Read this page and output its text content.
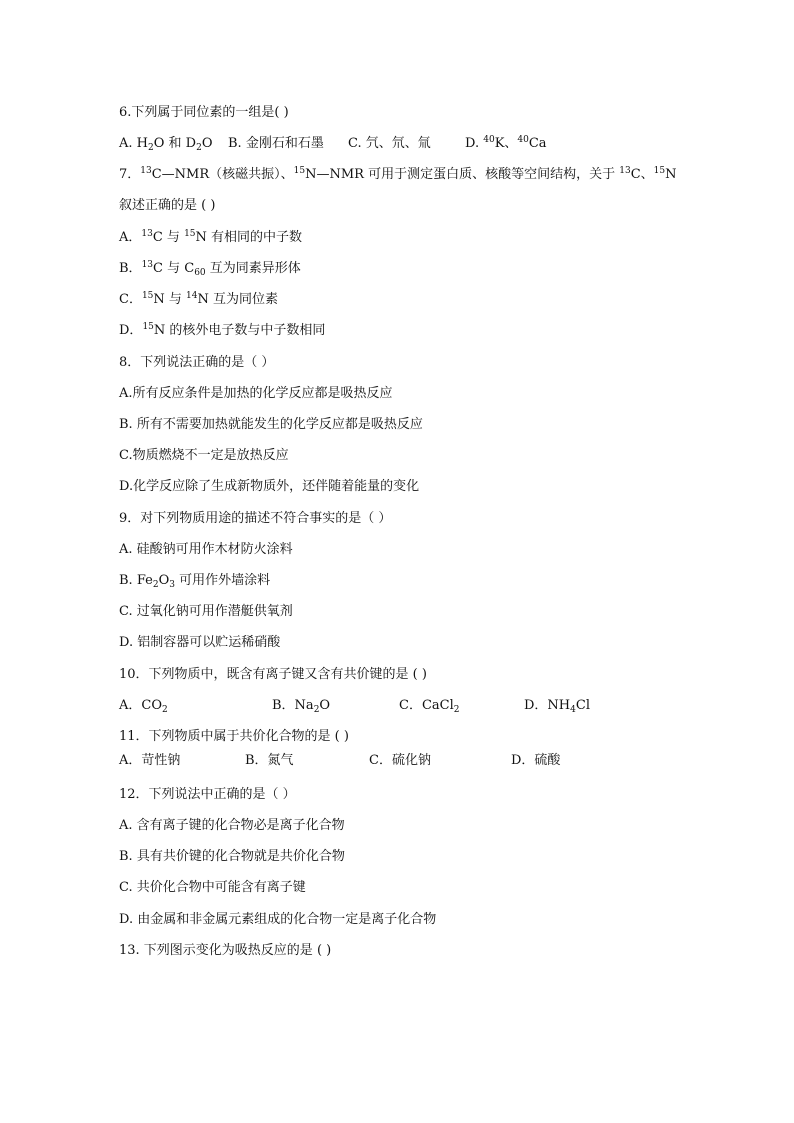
6.下列属于同位素的一组是( )
A. $H_2O$ 和 $D_2O$ B. 金刚石和石墨 C. 氕、氘、氚	D. $^{40}$K、$^{40}$Ca
7．$^{13}$C—NMR（核磁共振）、$^{15}$N—NMR 可用于测定蛋白质、核酸等空间结构，关于 $^{13}$C、$^{15}$N
叙述正确的是 ( )
A．$^{13}$C 与 $^{15}$N 有相同的中子数
B．$^{13}$C 与 $C_{60}$ 互为同素异形体
C．$^{15}$N 与 $^{14}$N 互为同位素
D．$^{15}$N 的核外电子数与中子数相同
8．下列说法正确的是（ ）
A.所有反应条件是加热的化学反应都是吸热反应
B. 所有不需要加热就能发生的化学反应都是吸热反应
C.物质燃烧不一定是放热反应
D.化学反应除了生成新物质外，还伴随着能量的变化
9．对下列物质用途的描述不符合事实的是（ ）
A. 硅酸钠可用作木材防火涂料
B. $Fe_2O_3$ 可用作外墙涂料
C. 过氧化钠可用作潜艇供氧剂
D. 铝制容器可以贮运稀硝酸
10．下列物质中，既含有离子键又含有共价键的是 ( )
A．$CO_2$	B．$Na_2O$	C．CaCl$_2$	D．$NH_4Cl$
11．下列物质中属于共价化合物的是 ( )
A．苛性钠	B．氮气	C．硫化钠	D．硫酸
12．下列说法中正确的是（ ）
A. 含有离子键的化合物必是离子化合物
B. 具有共价键的化合物就是共价化合物
C. 共价化合物中可能含有离子键
D. 由金属和非金属元素组成的化合物一定是离子化合物
13. 下列图示变化为吸热反应的是 ( )
